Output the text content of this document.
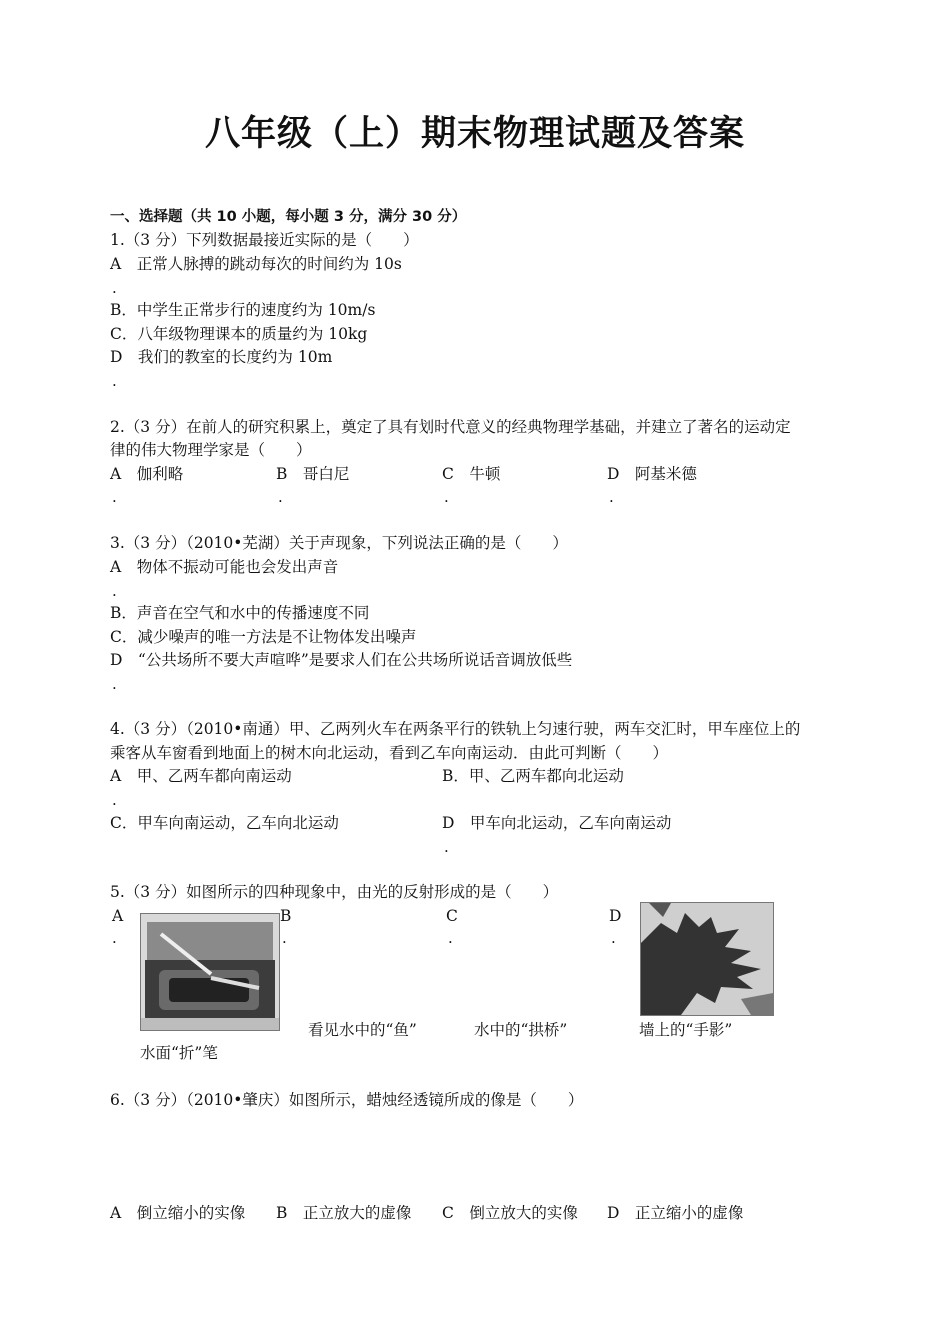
八年级（上）期末物理试题及答案
一、选择题（共 10 小题，每小题 3 分，满分 30 分）
1.（3 分）下列数据最接近实际的是（　　）
A　正常人脉搏的跳动每次的时间约为 10s
.
B．中学生正常步行的速度约为 10m/s
C．八年级物理课本的质量约为 10kg
D　我们的教室的长度约为 10m
.
2.（3 分）在前人的研究积累上，奠定了具有划时代意义的经典物理学基础，并建立了著名的运动定
律的伟大物理学家是（　　）
A　伽利略	B　哥白尼	C　牛顿	D　阿基米德
.	.	.	.
3.（3 分）（2010•芜湖）关于声现象，下列说法正确的是（　　）
A　物体不振动可能也会发出声音
.
B．声音在空气和水中的传播速度不同
C．减少噪声的唯一方法是不让物体发出噪声
D　“公共场所不要大声喧哗”是要求人们在公共场所说话音调放低些
.
4.（3 分）（2010•南通）甲、乙两列火车在两条平行的铁轨上匀速行驶，两车交汇时，甲车座位上的
乘客从车窗看到地面上的树木向北运动，看到乙车向南运动．由此可判断（　　）
A　甲、乙两车都向南运动	B．甲、乙两车都向北运动
.
C．甲车向南运动，乙车向北运动	D　甲车向北运动，乙车向南运动
.
5.（3 分）如图所示的四种现象中，由光的反射形成的是（　　）
A
.
水面“折”笔
B
.
看见水中的“鱼”
C
.
水中的“拱桥”
D
.
墙上的“手影”
6.（3 分）（2010•肇庆）如图所示，蜡烛经透镜所成的像是（　　）
A　倒立缩小的实像 B　正立放大的虚像 C　倒立放大的实像 D　正立缩小的虚像
